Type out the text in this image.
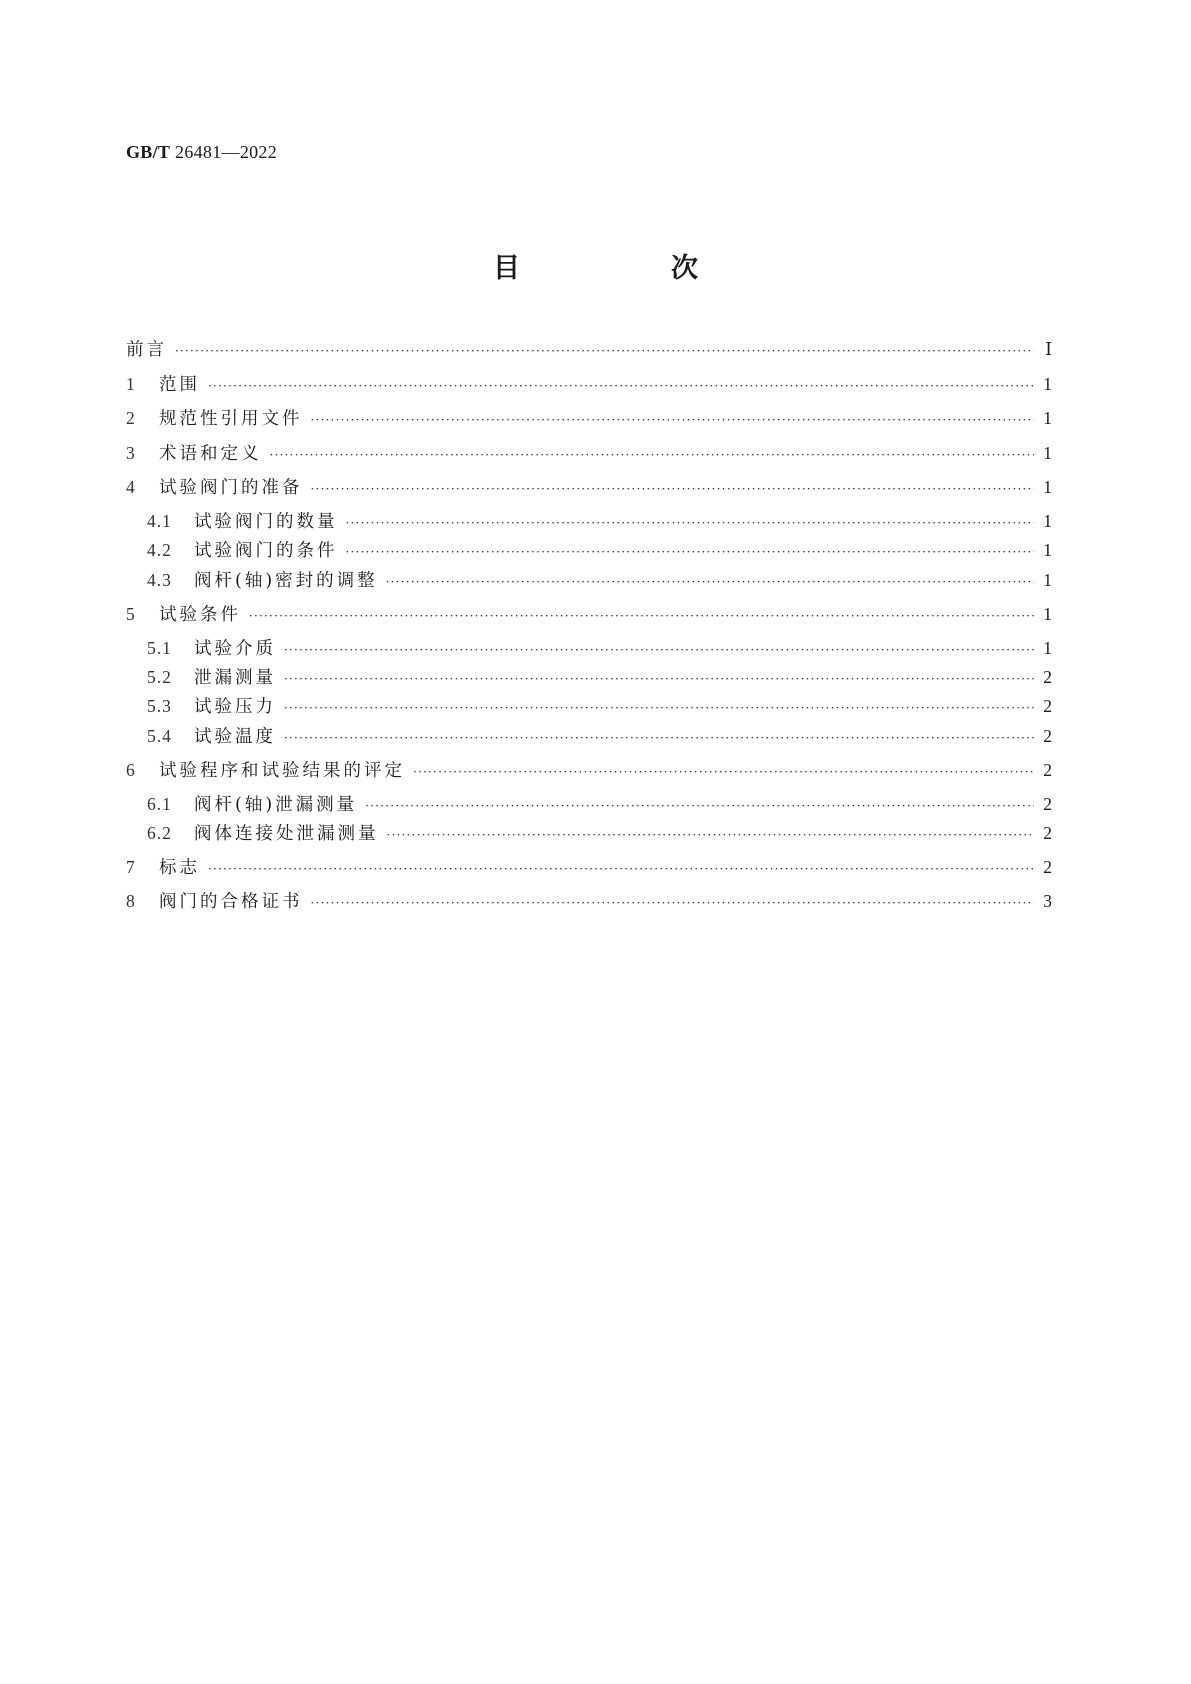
GB/T 26481—2022
目　次
前言 ·····	Ⅰ
1	范围 ·····	1
2	规范性引用文件 ·····	1
3	术语和定义 ·····	1
4	试验阀门的准备 ·····	1
4.1	试验阀门的数量 ·····	1
4.2	试验阀门的条件 ·····	1
4.3	阀杆(轴)密封的调整 ·····	1
5	试验条件 ·····	1
5.1	试验介质 ·····	1
5.2	泄漏测量 ·····	2
5.3	试验压力 ·····	2
5.4	试验温度 ·····	2
6	试验程序和试验结果的评定 ·····	2
6.1	阀杆(轴)泄漏测量 ·····	2
6.2	阀体连接处泄漏测量 ·····	2
7	标志 ·····	2
8	阀门的合格证书 ·····	3
